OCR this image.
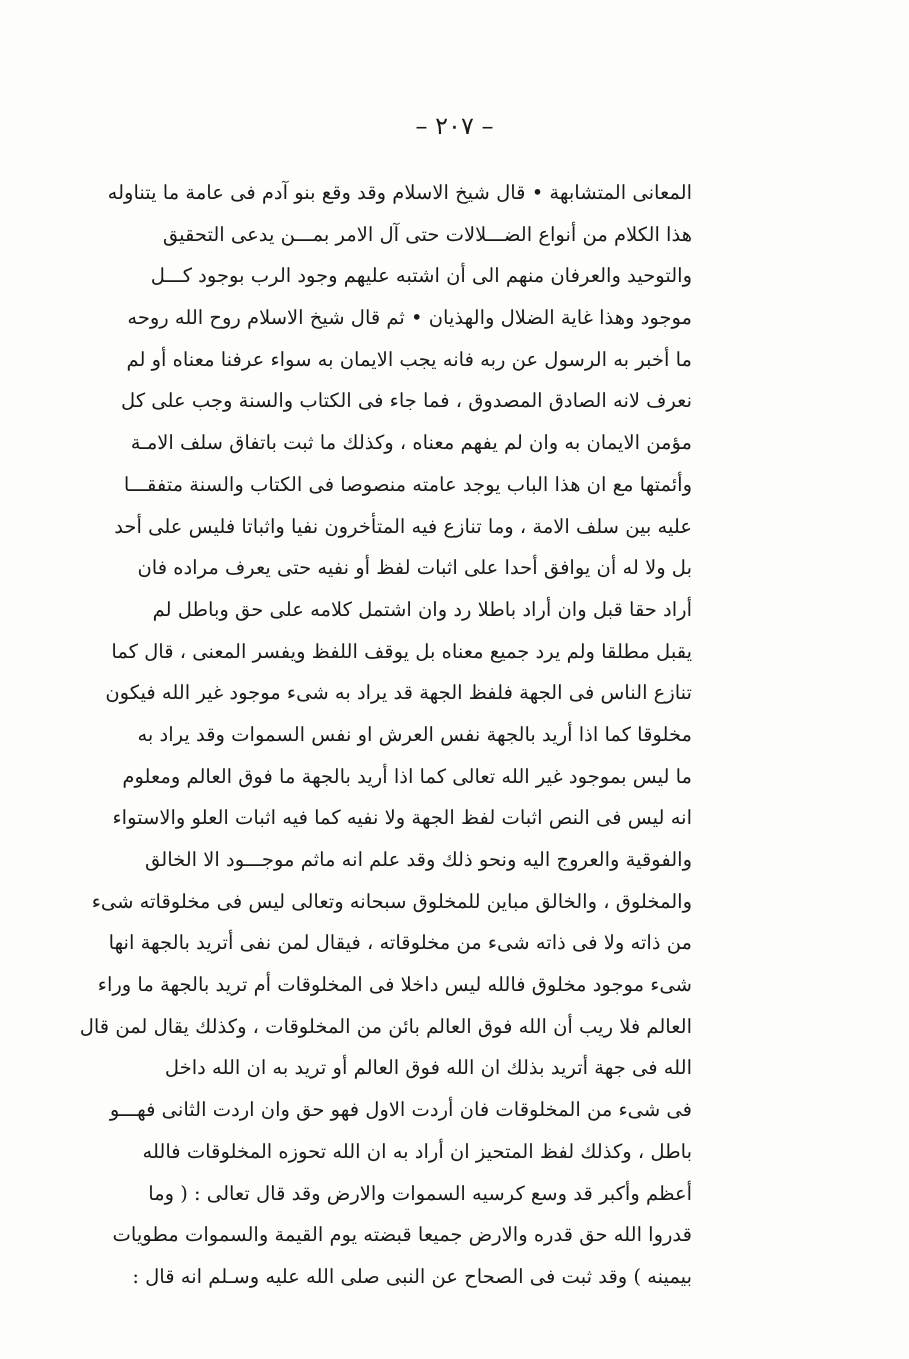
– ٢٠٧ –
المعانى المتشابهة • قال شيخ الاسلام وقد وقع بنو آدم فى عامة ما يتناوله
هذا الكلام من أنواع الضـــلالات حتى آل الامر بمـــن يدعى التحقيق
والتوحيد والعرفان منهم الى أن اشتبه عليهم وجود الرب بوجود كـــل
موجود وهذا غاية الضلال والهذيان • ثم قال شيخ الاسلام روح الله روحه
ما أخبر به الرسول عن ربه فانه يجب الايمان به سواء عرفنا معناه أو لم
نعرف لانه الصادق المصدوق ، فما جاء فى الكتاب والسنة وجب على كل
مؤمن الايمان به وان لم يفهم معناه ، وكذلك ما ثبت باتفاق سلف الامـة
وأئمتها مع ان هذا الباب يوجد عامته منصوصا فى الكتاب والسنة متفقـــا
عليه بين سلف الامة ، وما تنازع فيه المتأخرون نفيا واثباتا فليس على أحد
بل ولا له أن يوافق أحدا على اثبات لفظ أو نفيه حتى يعرف مراده فان
أراد حقا قبل وان أراد باطلا رد وان اشتمل كلامه على حق وباطل لم
يقبل مطلقا ولم يرد جميع معناه بل يوقف اللفظ ويفسر المعنى ، قال كما
تنازع الناس فى الجهة فلفظ الجهة قد يراد به شىء موجود غير الله فيكون
مخلوقا كما اذا أريد بالجهة نفس العرش او نفس السموات وقد يراد به
ما ليس بموجود غير الله تعالى كما اذا أريد بالجهة ما فوق العالم ومعلوم
انه ليس فى النص اثبات لفظ الجهة ولا نفيه كما فيه اثبات العلو والاستواء
والفوقية والعروج اليه ونحو ذلك وقد علم انه ماثم موجـــود الا الخالق
والمخلوق ، والخالق مباين للمخلوق سبحانه وتعالى ليس فى مخلوقاته شىء
من ذاته ولا فى ذاته شىء من مخلوقاته ، فيقال لمن نفى أتريد بالجهة انها
شىء موجود مخلوق فالله ليس داخلا فى المخلوقات أم تريد بالجهة ما وراء
العالم فلا ريب أن الله فوق العالم بائن من المخلوقات ، وكذلك يقال لمن قال
الله فى جهة أتريد بذلك ان الله فوق العالم أو تريد به ان الله داخل
فى شىء من المخلوقات فان أردت الاول فهو حق وان اردت الثانى فهـــو
باطل ، وكذلك لفظ المتحيز ان أراد به ان الله تحوزه المخلوقات فالله
أعظم وأكبر قد وسع كرسيه السموات والارض وقد قال تعالى : ( وما
قدروا الله حق قدره والارض جميعا قبضته يوم القيمة والسموات مطويات
بيمينه ) وقد ثبت فى الصحاح عن النبى صلى الله عليه وسـلم انه قال :
